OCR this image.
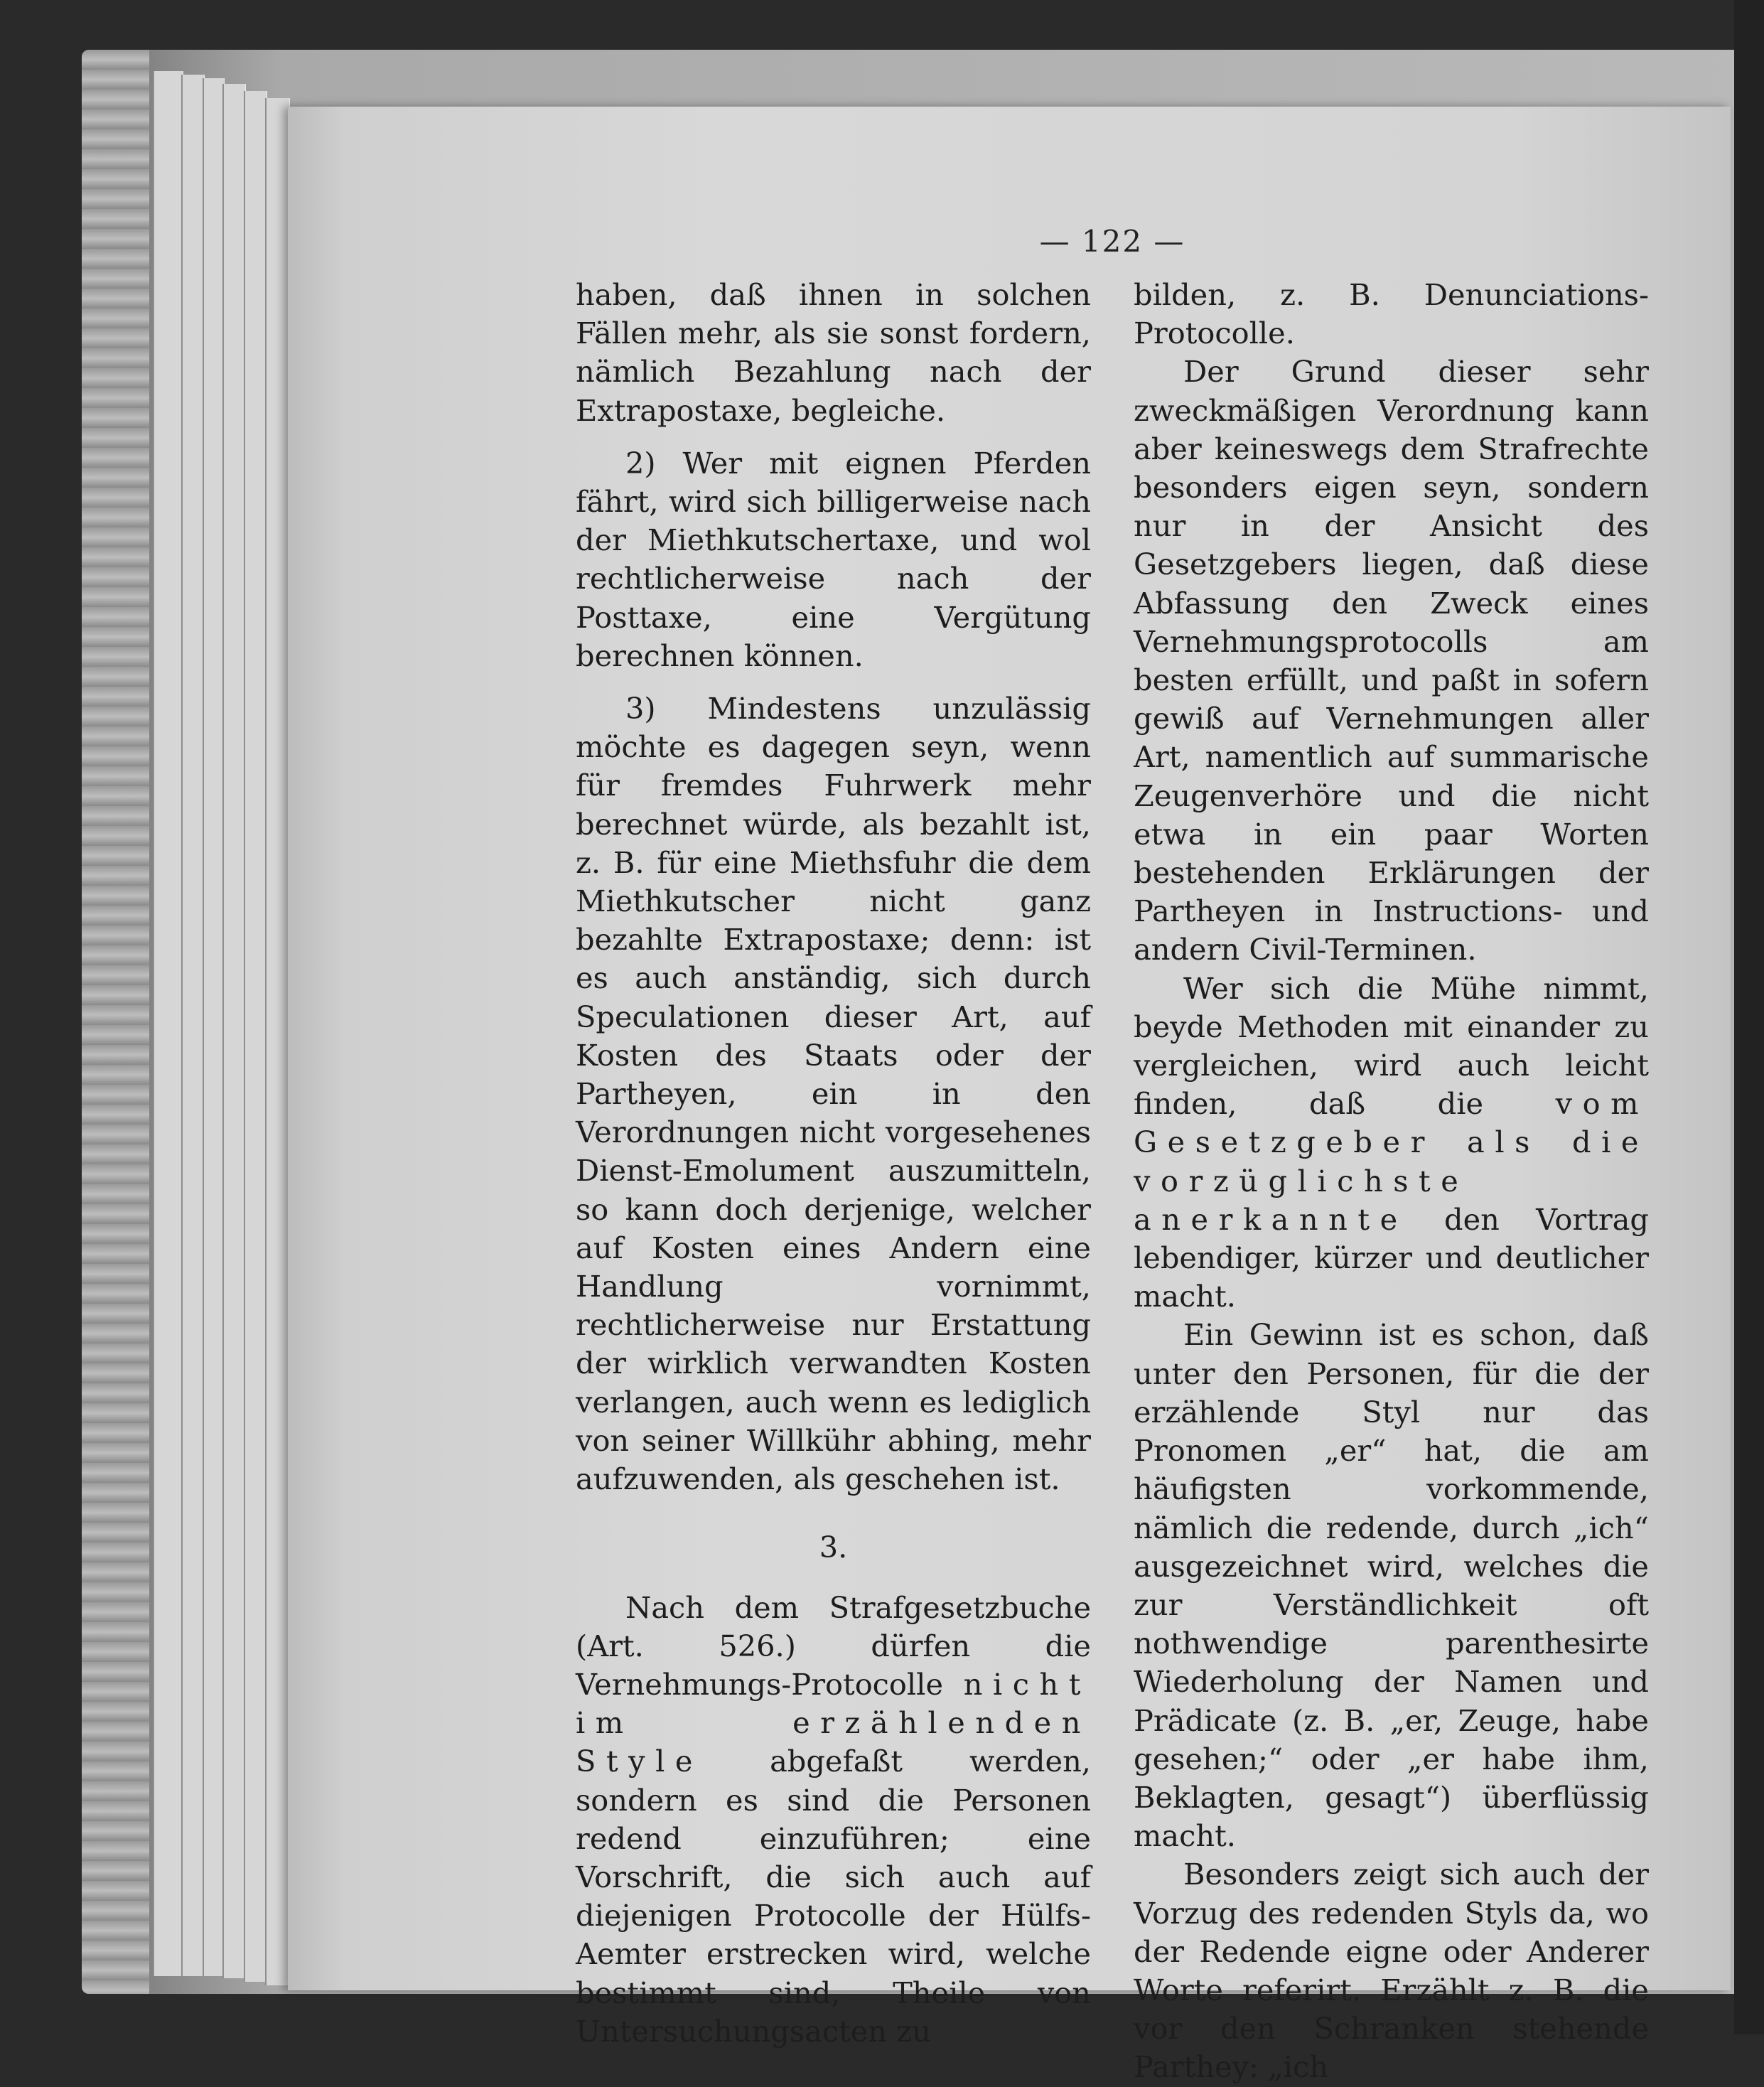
— 122 —

haben, daß ihnen in solchen Fällen mehr, als sie sonst fordern, nämlich Bezahlung nach der Extrapostaxe, begleiche.

2) Wer mit eignen Pferden fährt, wird sich billigerweise nach der Miethkutschertaxe, und wol rechtlicherweise nach der Posttaxe, eine Vergütung berechnen können.

3) Mindestens unzulässig möchte es dagegen seyn, wenn für fremdes Fuhrwerk mehr berechnet würde, als bezahlt ist, z. B. für eine Miethsfuhr die dem Miethkutscher nicht ganz bezahlte Extrapostaxe; denn: ist es auch anständig, sich durch Speculationen dieser Art, auf Kosten des Staats oder der Partheyen, ein in den Verordnungen nicht vorgesehenes Dienst-Emolument auszumitteln, so kann doch derjenige, welcher auf Kosten eines Andern eine Handlung vornimmt, rechtlicherweise nur Erstattung der wirklich verwandten Kosten verlangen, auch wenn es lediglich von seiner Willkühr abhing, mehr aufzuwenden, als geschehen ist.

3.

Nach dem Strafgesetzbuche (Art. 526.) dürfen die Vernehmungs-Protocolle nicht im erzählenden Style abgefaßt werden, sondern es sind die Personen redend einzuführen; eine Vorschrift, die sich auch auf diejenigen Protocolle der Hülfs-Aemter erstrecken wird, welche bestimmt sind, Theile von Untersuchungsacten zu

bilden, z. B. Denunciations-Protocolle.

Der Grund dieser sehr zweckmäßigen Verordnung kann aber keineswegs dem Strafrechte besonders eigen seyn, sondern nur in der Ansicht des Gesetzgebers liegen, daß diese Abfassung den Zweck eines Vernehmungsprotocolls am besten erfüllt, und paßt in sofern gewiß auf Vernehmungen aller Art, namentlich auf summarische Zeugenverhöre und die nicht etwa in ein paar Worten bestehenden Erklärungen der Partheyen in Instructions- und andern Civil-Terminen.

Wer sich die Mühe nimmt, beyde Methoden mit einander zu vergleichen, wird auch leicht finden, daß die vom Gesetzgeber als die vorzüglichste anerkannte den Vortrag lebendiger, kürzer und deutlicher macht.

Ein Gewinn ist es schon, daß unter den Personen, für die der erzählende Styl nur das Pronomen „er“ hat, die am häufigsten vorkommende, nämlich die redende, durch „ich“ ausgezeichnet wird, welches die zur Verständlichkeit oft nothwendige parenthesirte Wiederholung der Namen und Prädicate (z. B. „er, Zeuge, habe gesehen;“ oder „er habe ihm, Beklagten, gesagt“) überflüssig macht.

Besonders zeigt sich auch der Vorzug des redenden Styls da, wo der Redende eigne oder Anderer Worte referirt. Erzählt z. B. die vor den Schranken stehende Parthey: „ich
